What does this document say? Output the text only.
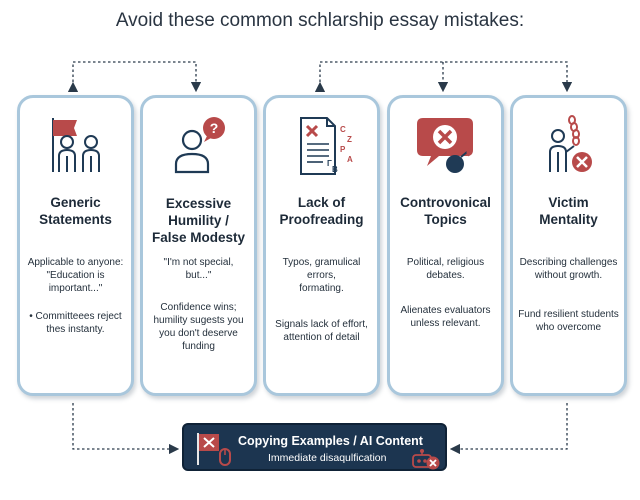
Avoid these common schlarship essay mistakes:
Generic
Statements

Applicable to anyone:
"Education is important..."

• Committeees reject
thes instanty.

?
Excessive
Humility /
False Modesty

"I'm not special,
but..."

Confidence wins;
humility sugests you
you don't deserve
funding

C
Z
P
A
Γ
B
Lack of
Proofreading

Typos, gramulical
errors,
formating.

Signals lack of effort,
attention of detail

Controvonical
Topics

Political, religious
debates.

Alienates evaluators
unless relevant.

Victim
Mentality

Describing challenges
without growth.

Fund resilient students
who overcome

Copying Examples / AI Content

Immediate disaqulfication
